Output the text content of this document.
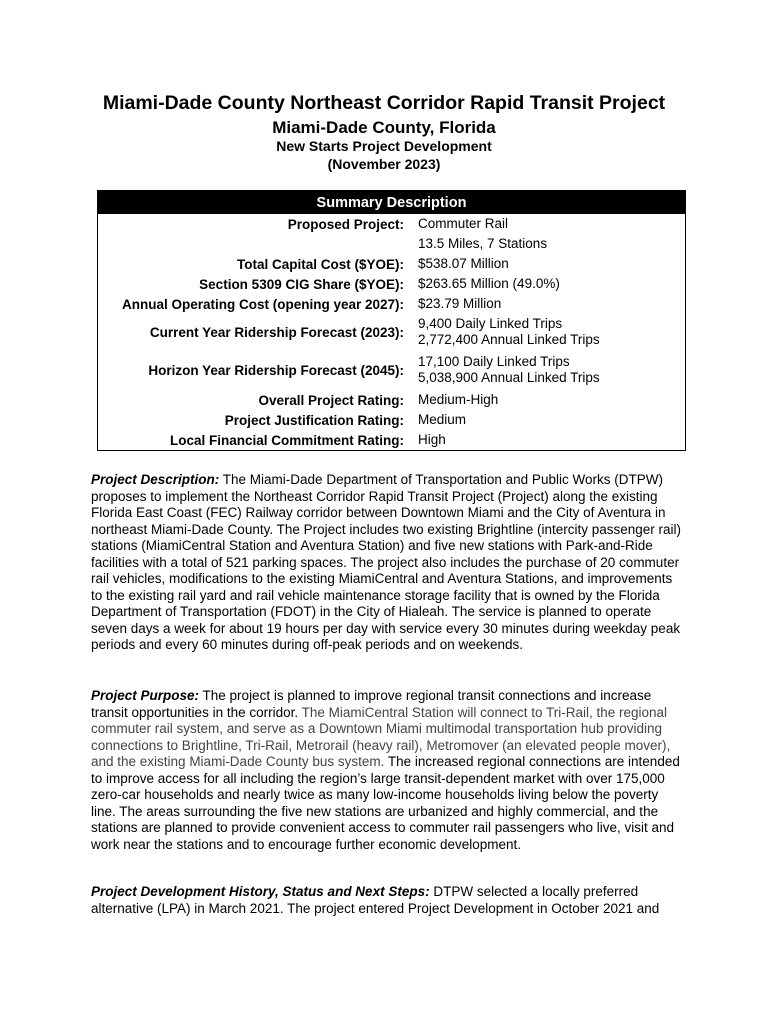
Miami-Dade County Northeast Corridor Rapid Transit Project
Miami-Dade County, Florida
New Starts Project Development
(November 2023)
Summary Description	
Proposed Project:	Commuter Rail

	13.5 Miles, 7 Stations

Total Capital Cost ($YOE):	$538.07 Million

Section 5309 CIG Share ($YOE):	$263.65 Million (49.0%)

Annual Operating Cost (opening year 2027):	$23.79 Million

Current Year Ridership Forecast (2023):	9,400 Daily Linked Trips
2,772,400 Annual Linked Trips

Horizon Year Ridership Forecast (2045):	17,100 Daily Linked Trips
5,038,900 Annual Linked Trips

Overall Project Rating:	Medium-High

Project Justification Rating:	Medium

Local Financial Commitment Rating:	High

Project Description: The Miami-Dade Department of Transportation and Public Works (DTPW) proposes to implement the Northeast Corridor Rapid Transit Project (Project) along the existing Florida East Coast (FEC) Railway corridor between Downtown Miami and the City of Aventura in northeast Miami-Dade County. The Project includes two existing Brightline (intercity passenger rail) stations (MiamiCentral Station and Aventura Station) and five new stations with Park-and-Ride facilities with a total of 521 parking spaces. The project also includes the purchase of 20 commuter rail vehicles, modifications to the existing MiamiCentral and Aventura Stations, and improvements to the existing rail yard and rail vehicle maintenance storage facility that is owned by the Florida Department of Transportation (FDOT) in the City of Hialeah. The service is planned to operate seven days a week for about 19 hours per day with service every 30 minutes during weekday peak periods and every 60 minutes during off-peak periods and on weekends.

Project Purpose: The project is planned to improve regional transit connections and increase transit opportunities in the corridor. The MiamiCentral Station will connect to Tri-Rail, the regional commuter rail system, and serve as a Downtown Miami multimodal transportation hub providing connections to Brightline, Tri-Rail, Metrorail (heavy rail), Metromover (an elevated people mover), and the existing Miami-Dade County bus system. The increased regional connections are intended to improve access for all including the region’s large transit-dependent market with over 175,000 zero-car households and nearly twice as many low-income households living below the poverty line. The areas surrounding the five new stations are urbanized and highly commercial, and the stations are planned to provide convenient access to commuter rail passengers who live, visit and work near the stations and to encourage further economic development.

Project Development History, Status and Next Steps: DTPW selected a locally preferred alternative (LPA) in March 2021. The project entered Project Development in October 2021 and
